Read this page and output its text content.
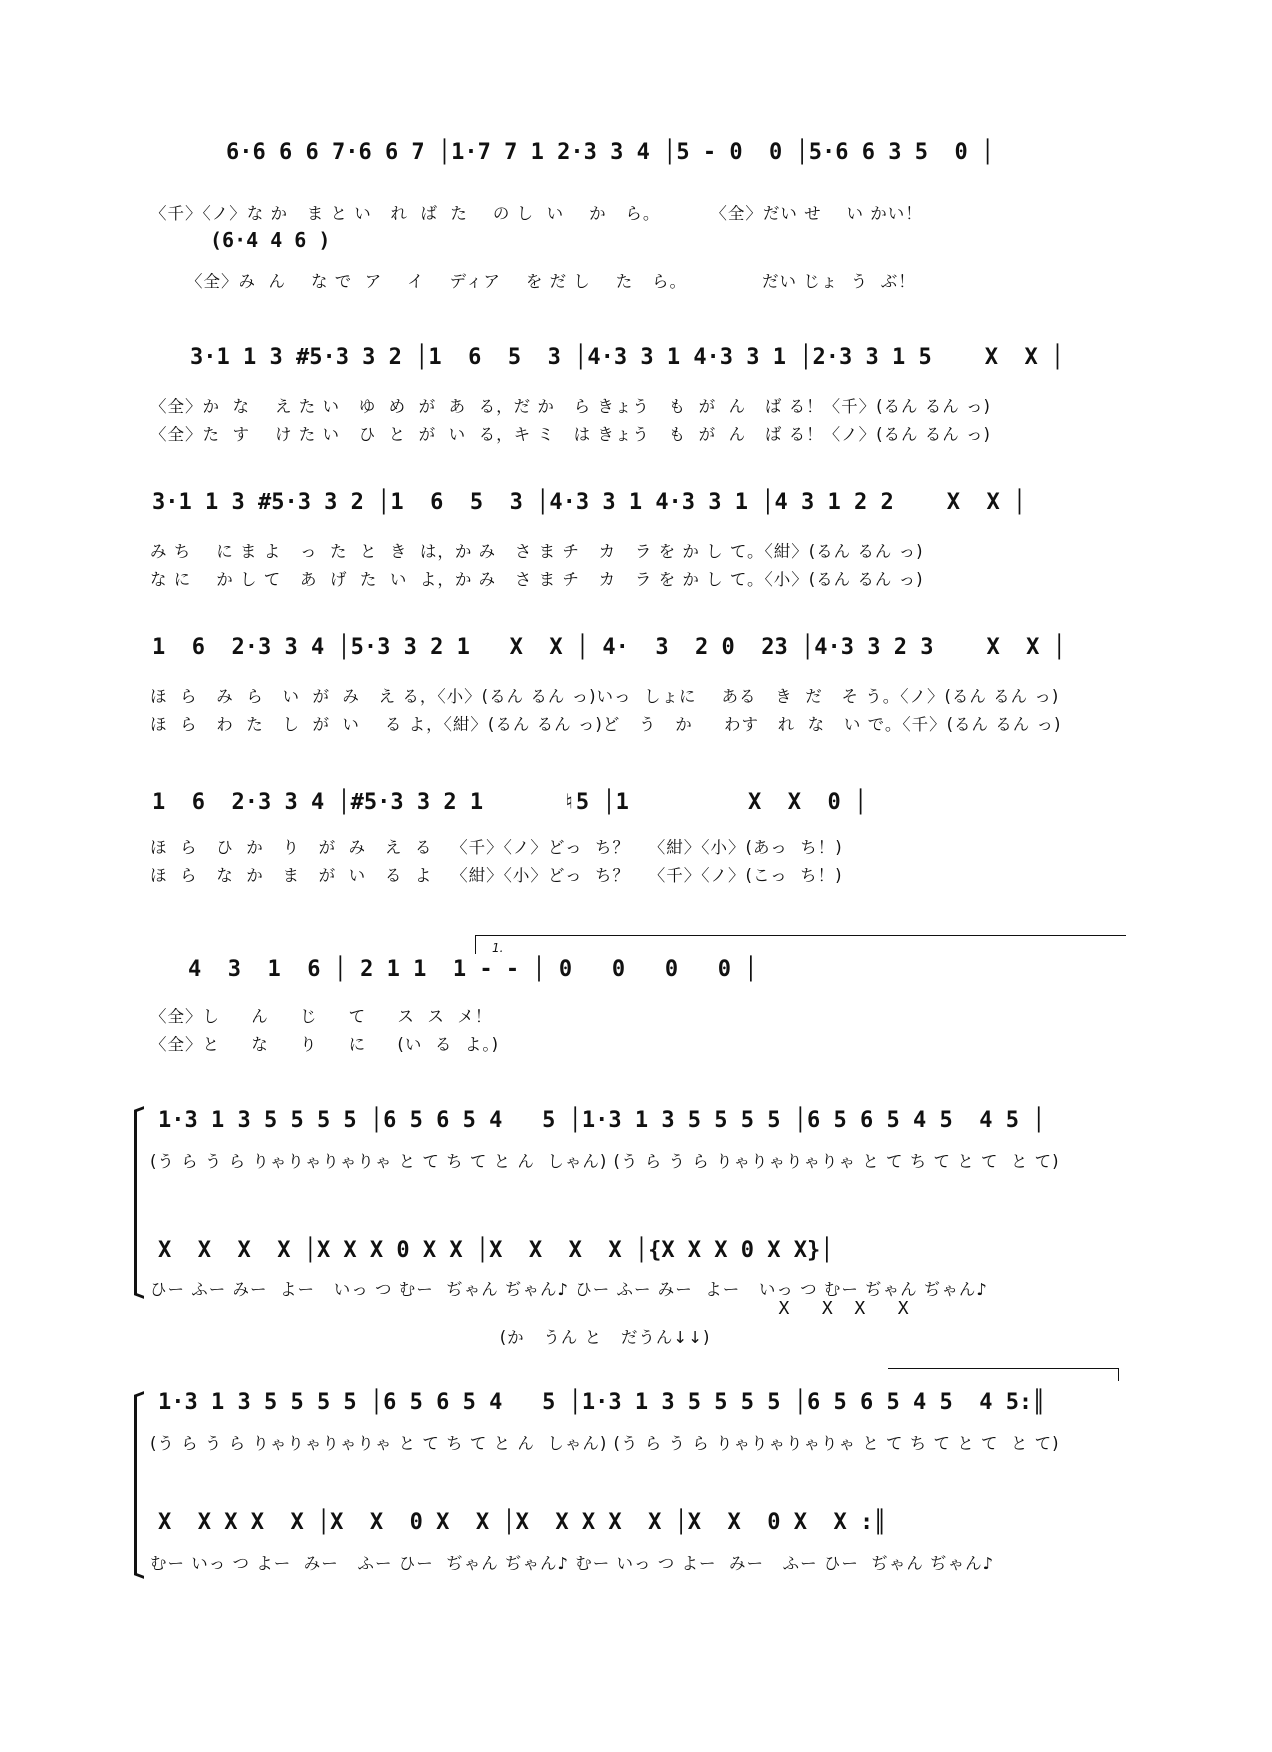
6·6 6 6 7·6 6 7 │1·7 7 1 2·3 3 4 │5 - 0  0 │5·6 6 3 5  0 │
〈千〉〈ノ〉な か   ま と い   れ  ば  た    の し  い    か   ら。        〈全〉だい せ    い かい！
(6·4 4 6 )
〈全〉み  ん    な で  ア    イ    ディア    を だ し    た   ら。            だい じょ  う  ぶ！
3·1 1 3 #5·3 3 2 │1  6  5  3 │4·3 3 1 4·3 3 1 │2·3 3 1 5    X  X │
〈全〉か  な    え た い   ゆ  め  が  あ  る，だ か   ら きょう   も  が  ん   ば る！〈千〉(るん るん っ)
〈全〉た  す    け た い   ひ  と  が  い  る，キ ミ   は きょう   も  が  ん   ば る！〈ノ〉(るん るん っ)
3·1 1 3 #5·3 3 2 │1  6  5  3 │4·3 3 1 4·3 3 1 │4 3 1 2 2    X  X │
み ち    に ま よ   っ  た  と  き  は，か み   さ ま チ   カ   ラ を か し て。〈紺〉(るん るん っ)
な に    か し て   あ  げ  た  い  よ，か み   さ ま チ   カ   ラ を か し て。〈小〉(るん るん っ)
1  6  2·3 3 4 │5·3 3 2 1   X  X │ 4·  3  2 0  23 │4·3 3 2 3    X  X │
ほ  ら   み  ら   い  が  み   え る，〈小〉(るん るん っ)いっ  しょに    ある   き  だ   そ う。〈ノ〉(るん るん っ)
ほ  ら   わ  た   し  が  い    る よ，〈紺〉(るん るん っ)ど   う   か     わす   れ  な   い で。〈千〉(るん るん っ)
1  6  2·3 3 4 │#5·3 3 2 1      ♮5 │1         X  X  0 │
ほ  ら   ひ  か   り   が  み   え  る   〈千〉〈ノ〉どっ  ち？   〈紺〉〈小〉(あっ  ち！)
ほ  ら   な  か   ま   が  い   る  よ   〈紺〉〈小〉どっ  ち？   〈千〉〈ノ〉(こっ  ち！)
1.
4  3  1  6 │ 2 1 1  1 - - │ 0   0   0   0 │
〈全〉し     ん     じ     て     ス  ス  メ！
〈全〉と     な     り     に     (い  る  よ。)
1·3 1 3 5 5 5 5 │6 5 6 5 4   5 │1·3 1 3 5 5 5 5 │6 5 6 5 4 5  4 5 │
(う ら う ら りゃりゃりゃりゃ と て ち て と ん  しゃん) (う ら う ら りゃりゃりゃりゃ と て ち て と て  と て)
X  X  X  X │X X X 0 X X │X  X  X  X │{X X X 0 X X}│
ひー ふー みー  よー   いっ つ むー  ぢゃん ぢゃん♪ ひー ふー みー  よー   いっ つ むー ぢゃん ぢゃん♪
X   X  X   X
(か   うん と   だうん↓↓)
1·3 1 3 5 5 5 5 │6 5 6 5 4   5 │1·3 1 3 5 5 5 5 │6 5 6 5 4 5  4 5:║
(う ら う ら りゃりゃりゃりゃ と て ち て と ん  しゃん) (う ら う ら りゃりゃりゃりゃ と て ち て と て  と て)
X  X X X  X │X  X  0 X  X │X  X X X  X │X  X  0 X  X :║
むー いっ つ よー  みー   ふー ひー  ぢゃん ぢゃん♪ むー いっ つ よー  みー   ふー ひー  ぢゃん ぢゃん♪
